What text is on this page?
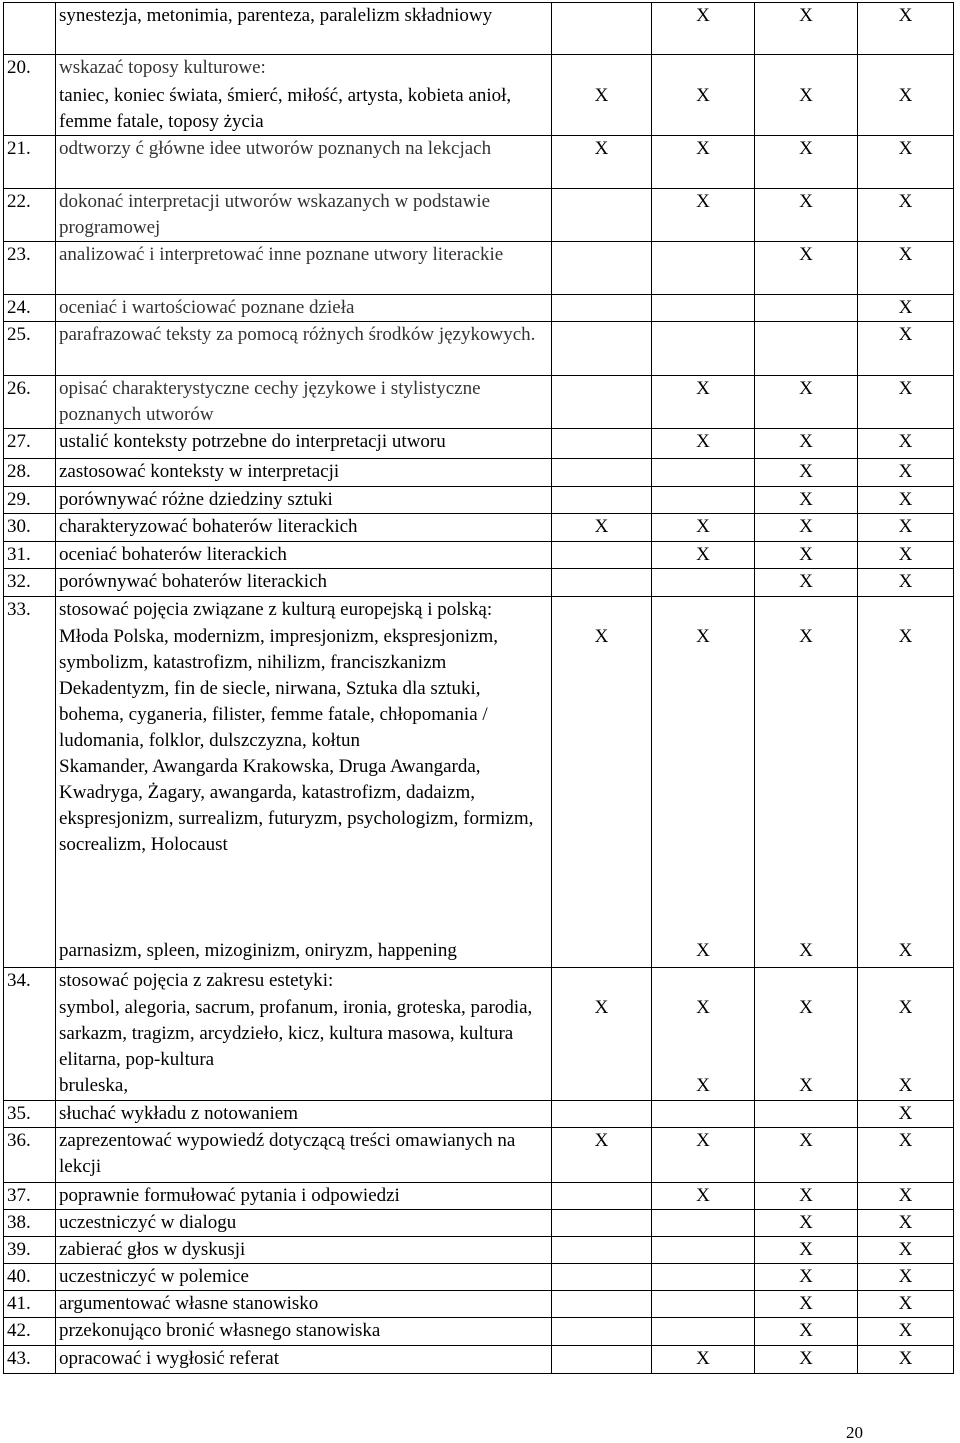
	synestezja, metonimia, parenteza, paralelizm składniowy		X	X	X
20.	wskazać toposy kulturowe:				

	taniec, koniec świata, śmierć, miłość, artysta, kobieta anioł, femme fatale, toposy życia	X	X	X	X
21.	odtworzy ć główne idee utworów poznanych na lekcjach	X	X	X	X
22.	dokonać interpretacji utworów wskazanych w podstawie programowej		X	X	X
23.	analizować i interpretować inne poznane utwory literackie			X	X
24.	oceniać i wartościować poznane dzieła				X
25.	parafrazować teksty za pomocą różnych środków językowych.				X
26.	opisać charakterystyczne cechy językowe i stylistyczne poznanych utworów		X	X	X
27.	ustalić konteksty potrzebne do interpretacji utworu		X	X	X
28.	zastosować konteksty w interpretacji			X	X
29.	porównywać różne dziedziny sztuki			X	X
30.	charakteryzować bohaterów literackich	X	X	X	X
31.	oceniać bohaterów literackich		X	X	X
32.	porównywać bohaterów literackich			X	X
33.	stosować pojęcia związane z kulturą europejską i polską:				

	Młoda Polska, modernizm, impresjonizm, ekspresjonizm, symbolizm, katastrofizm, nihilizm, franciszkanizm
Dekadentyzm, fin de siecle, nirwana, Sztuka dla sztuki, bohema, cyganeria, filister, femme fatale, chłopomania / ludomania, folklor, dulszczyzna, kołtun
Skamander, Awangarda Krakowska, Druga Awangarda, Kwadryga, Żagary, awangarda, katastrofizm, dadaizm, ekspresjonizm, surrealizm, futuryzm, psychologizm, formizm, socrealizm, Holocaust	X	X	X	X

	parnasizm, spleen, mizoginizm, oniryzm, happening		X	X	X
34.	stosować pojęcia z zakresu estetyki:				

	symbol, alegoria, sacrum, profanum, ironia, groteska, parodia, sarkazm, tragizm, arcydzieło, kicz, kultura masowa, kultura elitarna, pop-kultura	X	X	X	X

	bruleska,		X	X	X
35.	słuchać wykładu z notowaniem				X
36.	zaprezentować wypowiedź dotyczącą treści omawianych na lekcji	X	X	X	X
37.	poprawnie formułować pytania i odpowiedzi		X	X	X
38.	uczestniczyć w dialogu			X	X
39.	zabierać głos w dyskusji			X	X
40.	uczestniczyć w polemice			X	X
41.	argumentować własne stanowisko			X	X
42.	przekonująco bronić własnego stanowiska			X	X
43.	opracować i wygłosić referat		X	X	X
20
